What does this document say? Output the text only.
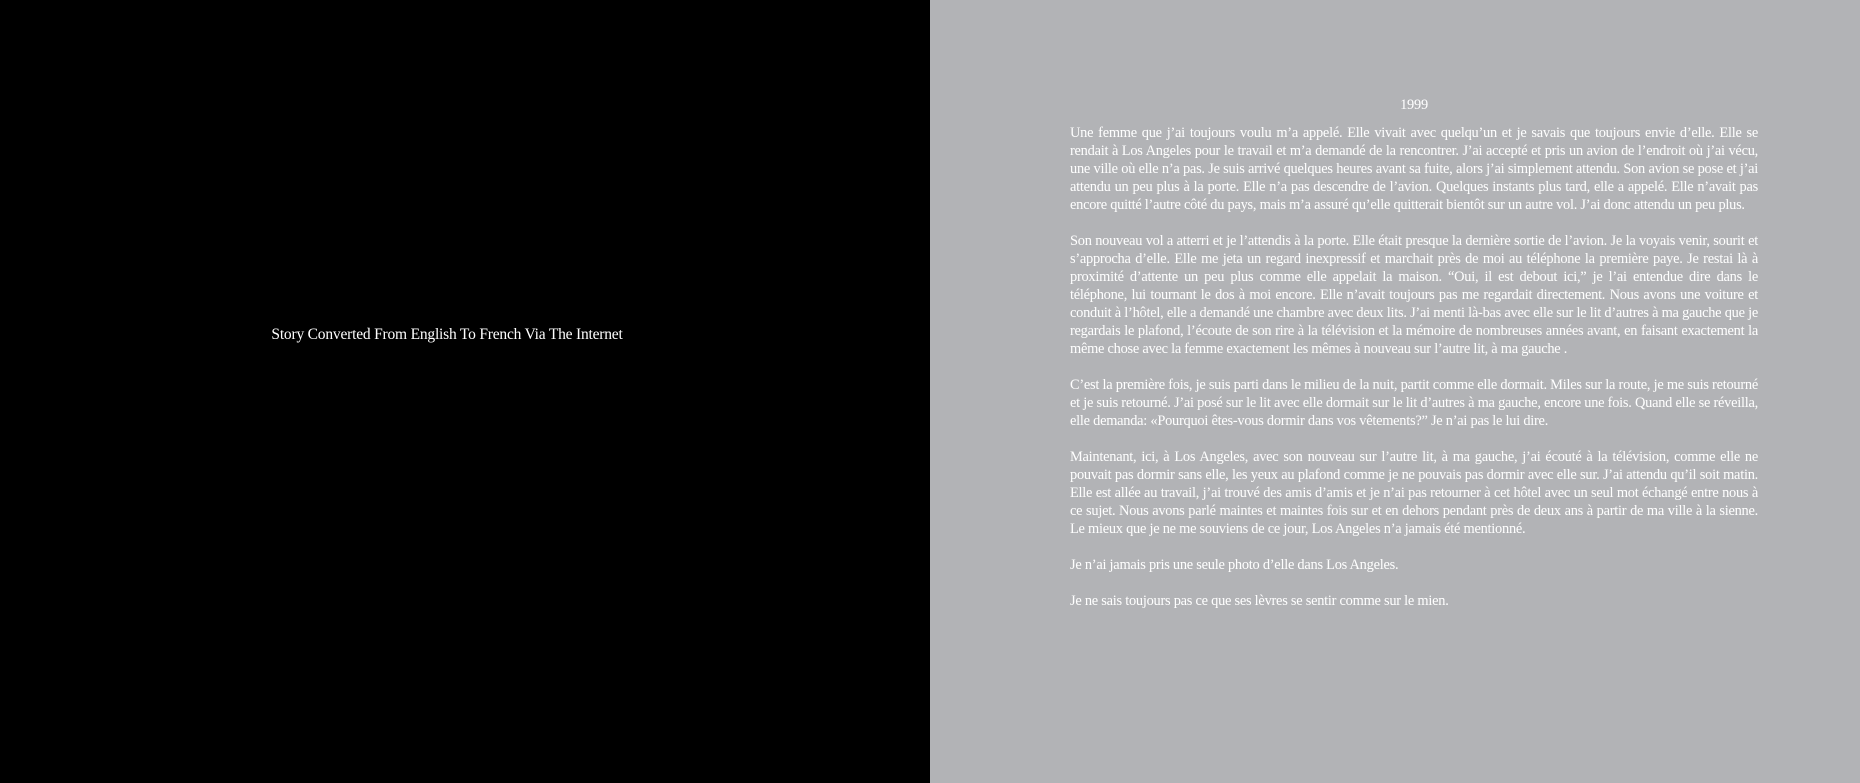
Story Converted From English To French Via The Internet
1999

Une femme que j’ai toujours voulu m’a appelé. Elle vivait avec quelqu’un et je savais que toujours envie d’elle. Elle se rendait à Los Angeles pour le travail et m’a demandé de la rencontrer. J’ai accepté et pris un avion de l’endroit où j’ai vécu, une ville où elle n’a pas. Je suis arrivé quelques heures avant sa fuite, alors j’ai simplement attendu. Son avion se pose et j’ai attendu un peu plus à la porte. Elle n’a pas descendre de l’avion. Quelques instants plus tard, elle a appelé. Elle n’avait pas encore quitté l’autre côté du pays, mais m’a assuré qu’elle quitterait bientôt sur un autre vol. J’ai donc attendu un peu plus.

Son nouveau vol a atterri et je l’attendis à la porte. Elle était presque la dernière sortie de l’avion. Je la voyais venir, sourit et s’approcha d’elle. Elle me jeta un regard inexpressif et marchait près de moi au téléphone la première paye. Je restai là à proximité d’attente un peu plus comme elle appelait la maison. “Oui, il est debout ici,” je l’ai entendue dire dans le téléphone, lui tournant le dos à moi encore. Elle n’avait toujours pas me regardait directement. Nous avons une voiture et conduit à l’hôtel, elle a demandé une chambre avec deux lits. J’ai menti là-bas avec elle sur le lit d’autres à ma gauche que je regardais le plafond, l’écoute de son rire à la télévision et la mémoire de nombreuses années avant, en faisant exactement la même chose avec la femme exactement les mêmes à nouveau sur l’autre lit, à ma gauche .

C’est la première fois, je suis parti dans le milieu de la nuit, partit comme elle dormait. Miles sur la route, je me suis retourné et je suis retourné. J’ai posé sur le lit avec elle dormait sur le lit d’autres à ma gauche, encore une fois. Quand elle se réveilla, elle demanda: «Pourquoi êtes-vous dormir dans vos vêtements?” Je n’ai pas le lui dire.

Maintenant, ici, à Los Angeles, avec son nouveau sur l’autre lit, à ma gauche, j’ai écouté à la télévision, comme elle ne pouvait pas dormir sans elle, les yeux au plafond comme je ne pouvais pas dormir avec elle sur. J’ai attendu qu’il soit matin. Elle est allée au travail, j’ai trouvé des amis d’amis et je n’ai pas retourner à cet hôtel avec un seul mot échangé entre nous à ce sujet. Nous avons parlé maintes et maintes fois sur et en dehors pendant près de deux ans à partir de ma ville à la sienne. Le mieux que je ne me souviens de ce jour, Los Angeles n’a jamais été mentionné.

Je n’ai jamais pris une seule photo d’elle dans Los Angeles.

Je ne sais toujours pas ce que ses lèvres se sentir comme sur le mien.
